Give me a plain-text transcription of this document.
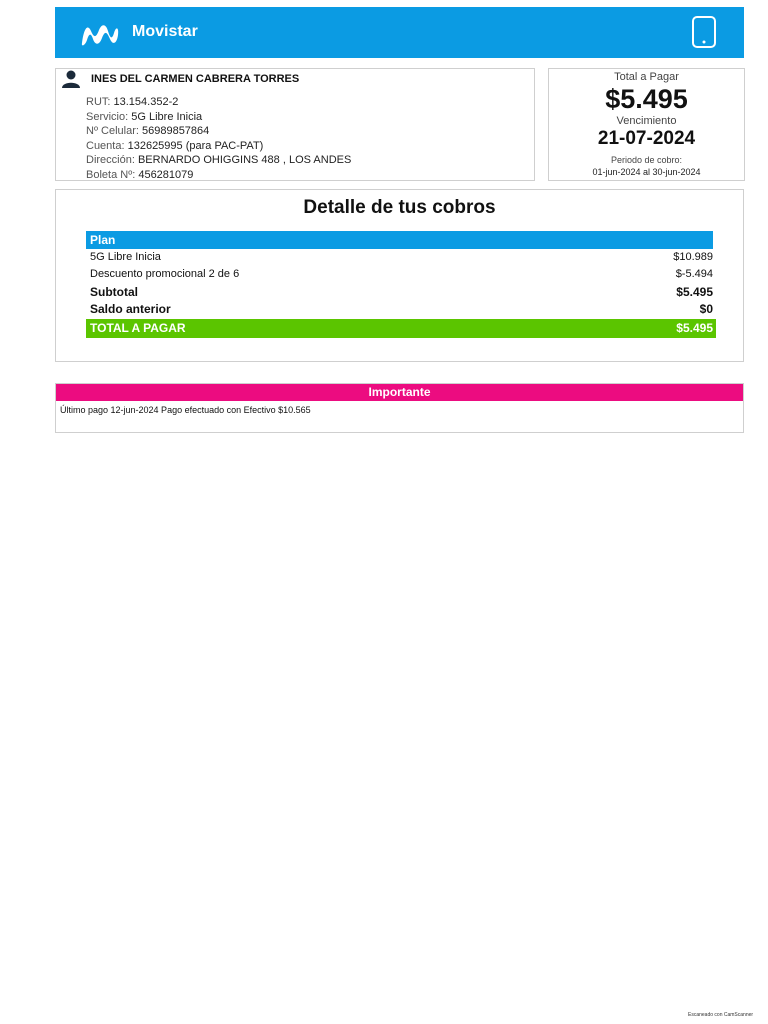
Movistar
INES DEL CARMEN CABRERA TORRES
RUT: 13.154.352-2
Servicio: 5G Libre Inicia
Nº Celular: 56989857864
Cuenta: 132625995 (para PAC-PAT)
Dirección: BERNARDO OHIGGINS 488 , LOS ANDES
Boleta Nº: 456281079
Total a Pagar
$5.495
Vencimiento
21-07-2024
Periodo de cobro:
01-jun-2024 al 30-jun-2024
Detalle de tus cobros
Plan
5G Libre Inicia	$10.989
Descuento promocional 2 de 6	$-5.494
Subtotal	$5.495
Saldo anterior	$0
TOTAL A PAGAR	$5.495
Importante
Último pago 12-jun-2024 Pago efectuado con Efectivo $10.565
Escaneado con CamScanner
